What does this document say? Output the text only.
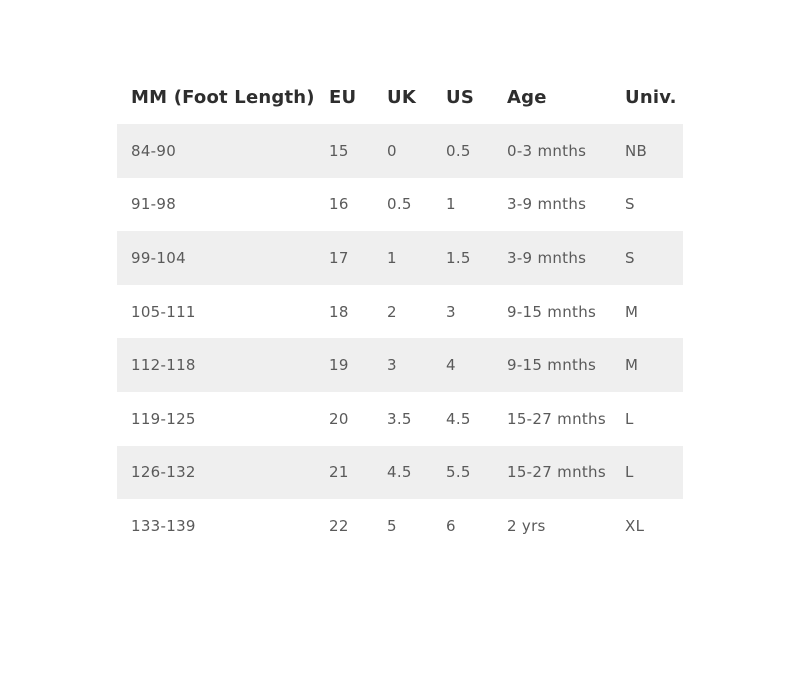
MM (Foot Length)	EU	UK	US	Age	Univ.
84-90	15	0	0.5	0-3 mnths	NB
91-98	16	0.5	1	3-9 mnths	S
99-104	17	1	1.5	3-9 mnths	S
105-111	18	2	3	9-15 mnths	M
112-118	19	3	4	9-15 mnths	M
119-125	20	3.5	4.5	15-27 mnths	L
126-132	21	4.5	5.5	15-27 mnths	L
133-139	22	5	6	2 yrs	XL
